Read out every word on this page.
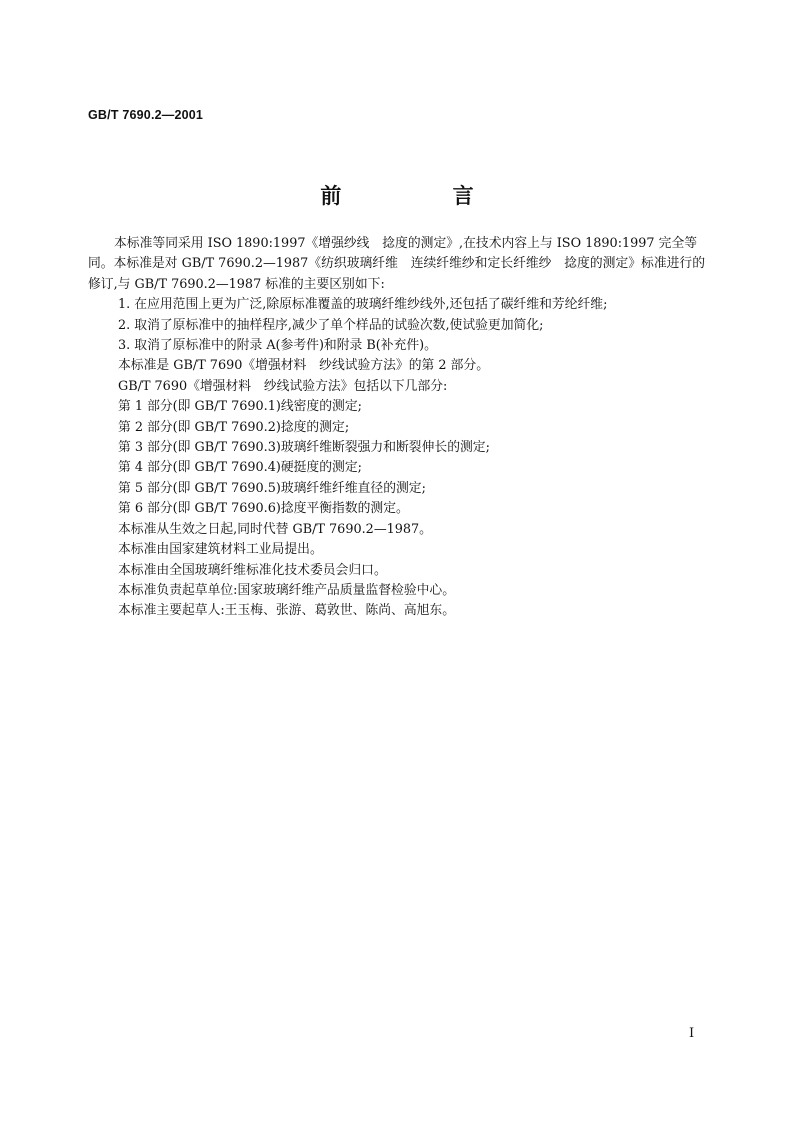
GB/T 7690.2—2001
前 言

本标准等同采用 ISO 1890:1997《增强纱线　捻度的测定》,在技术内容上与 ISO 1890:1997 完全等同。本标准是对 GB/T 7690.2—1987《纺织玻璃纤维　连续纤维纱和定长纤维纱　捻度的测定》标准进行的修订,与 GB/T 7690.2—1987 标准的主要区别如下:

1. 在应用范围上更为广泛,除原标准覆盖的玻璃纤维纱线外,还包括了碳纤维和芳纶纤维;

2. 取消了原标准中的抽样程序,减少了单个样品的试验次数,使试验更加简化;

3. 取消了原标准中的附录 A(参考件)和附录 B(补充件)。

本标准是 GB/T 7690《增强材料　纱线试验方法》的第 2 部分。

GB/T 7690《增强材料　纱线试验方法》包括以下几部分:

第 1 部分(即 GB/T 7690.1)线密度的测定;

第 2 部分(即 GB/T 7690.2)捻度的测定;

第 3 部分(即 GB/T 7690.3)玻璃纤维断裂强力和断裂伸长的测定;

第 4 部分(即 GB/T 7690.4)硬挺度的测定;

第 5 部分(即 GB/T 7690.5)玻璃纤维纤维直径的测定;

第 6 部分(即 GB/T 7690.6)捻度平衡指数的测定。

本标准从生效之日起,同时代替 GB/T 7690.2—1987。

本标准由国家建筑材料工业局提出。

本标准由全国玻璃纤维标准化技术委员会归口。

本标准负责起草单位:国家玻璃纤维产品质量监督检验中心。

本标准主要起草人:王玉梅、张游、葛敦世、陈尚、高旭东。

I
